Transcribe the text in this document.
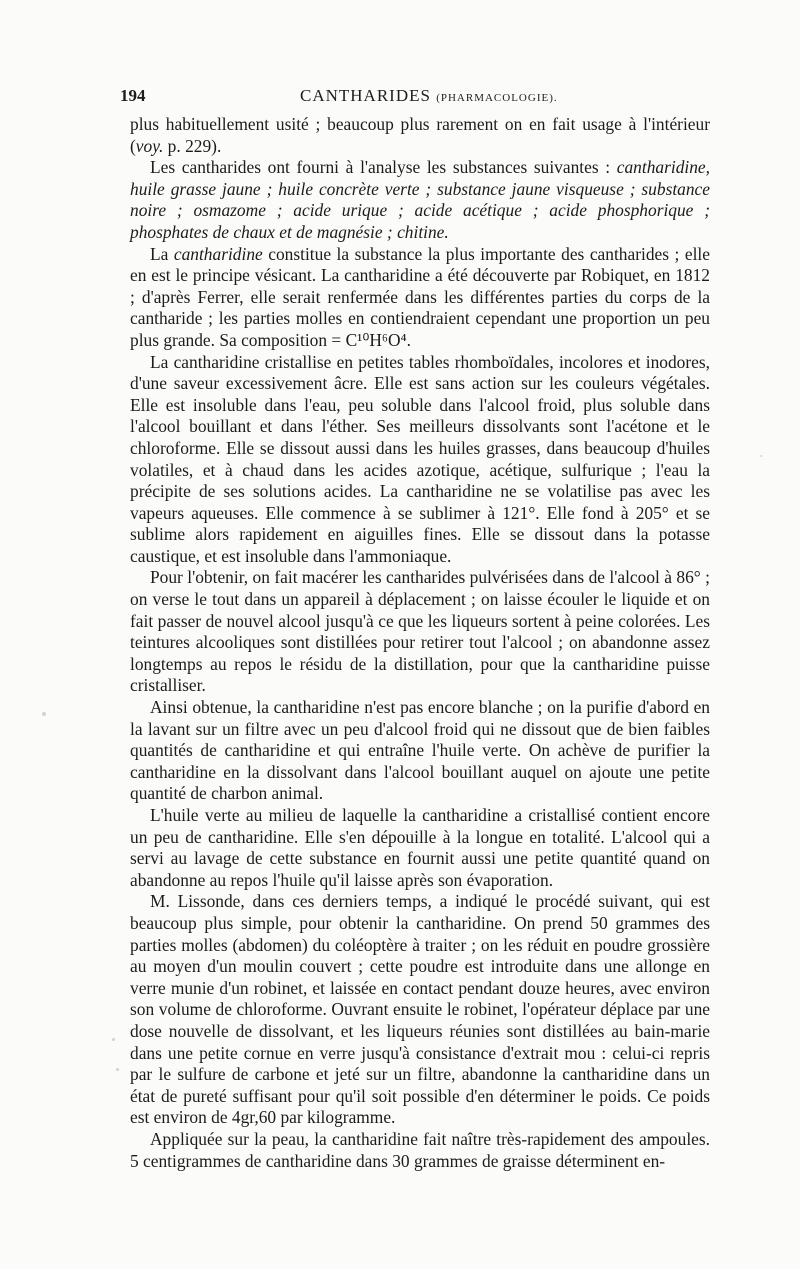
194	CANTHARIDES (PHARMACOLOGIE).

plus habituellement usité ; beaucoup plus rarement on en fait usage à l'intérieur (voy. p. 229).

Les cantharides ont fourni à l'analyse les substances suivantes : cantharidine, huile grasse jaune ; huile concrète verte ; substance jaune visqueuse ; substance noire ; osmazome ; acide urique ; acide acétique ; acide phosphorique ; phosphates de chaux et de magnésie ; chitine.

La cantharidine constitue la substance la plus importante des cantharides ; elle en est le principe vésicant. La cantharidine a été découverte par Robiquet, en 1812 ; d'après Ferrer, elle serait renfermée dans les différentes parties du corps de la cantharide ; les parties molles en contiendraient cependant une proportion un peu plus grande. Sa composition = C¹⁰H⁶O⁴.

La cantharidine cristallise en petites tables rhomboïdales, incolores et inodores, d'une saveur excessivement âcre. Elle est sans action sur les couleurs végétales. Elle est insoluble dans l'eau, peu soluble dans l'alcool froid, plus soluble dans l'alcool bouillant et dans l'éther. Ses meilleurs dissolvants sont l'acétone et le chloroforme. Elle se dissout aussi dans les huiles grasses, dans beaucoup d'huiles volatiles, et à chaud dans les acides azotique, acétique, sulfurique ; l'eau la précipite de ses solutions acides. La cantharidine ne se volatilise pas avec les vapeurs aqueuses. Elle commence à se sublimer à 121°. Elle fond à 205° et se sublime alors rapidement en aiguilles fines. Elle se dissout dans la potasse caustique, et est insoluble dans l'ammoniaque.

Pour l'obtenir, on fait macérer les cantharides pulvérisées dans de l'alcool à 86° ; on verse le tout dans un appareil à déplacement ; on laisse écouler le liquide et on fait passer de nouvel alcool jusqu'à ce que les liqueurs sortent à peine colorées. Les teintures alcooliques sont distillées pour retirer tout l'alcool ; on abandonne assez longtemps au repos le résidu de la distillation, pour que la cantharidine puisse cristalliser.

Ainsi obtenue, la cantharidine n'est pas encore blanche ; on la purifie d'abord en la lavant sur un filtre avec un peu d'alcool froid qui ne dissout que de bien faibles quantités de cantharidine et qui entraîne l'huile verte. On achève de purifier la cantharidine en la dissolvant dans l'alcool bouillant auquel on ajoute une petite quantité de charbon animal.

L'huile verte au milieu de laquelle la cantharidine a cristallisé contient encore un peu de cantharidine. Elle s'en dépouille à la longue en totalité. L'alcool qui a servi au lavage de cette substance en fournit aussi une petite quantité quand on abandonne au repos l'huile qu'il laisse après son évaporation.

M. Lissonde, dans ces derniers temps, a indiqué le procédé suivant, qui est beaucoup plus simple, pour obtenir la cantharidine. On prend 50 grammes des parties molles (abdomen) du coléoptère à traiter ; on les réduit en poudre grossière au moyen d'un moulin couvert ; cette poudre est introduite dans une allonge en verre munie d'un robinet, et laissée en contact pendant douze heures, avec environ son volume de chloroforme. Ouvrant ensuite le robinet, l'opérateur déplace par une dose nouvelle de dissolvant, et les liqueurs réunies sont distillées au bain-marie dans une petite cornue en verre jusqu'à consistance d'extrait mou : celui-ci repris par le sulfure de carbone et jeté sur un filtre, abandonne la cantharidine dans un état de pureté suffisant pour qu'il soit possible d'en déterminer le poids. Ce poids est environ de 4gr,60 par kilogramme.

Appliquée sur la peau, la cantharidine fait naître très-rapidement des ampoules. 5 centigrammes de cantharidine dans 30 grammes de graisse déterminent en-
